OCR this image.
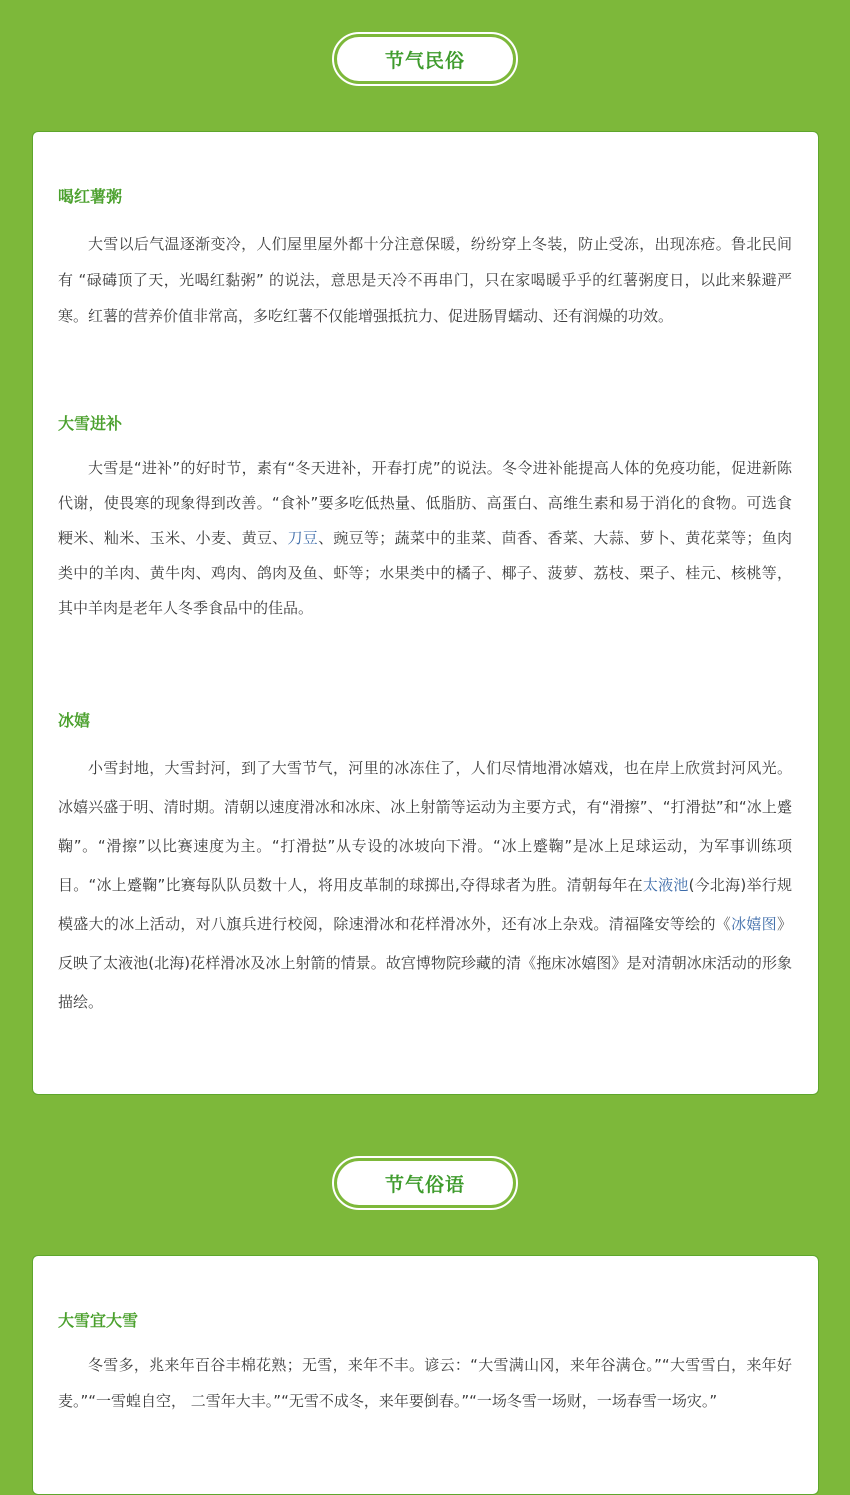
节气民俗
喝红薯粥

大雪以后气温逐渐变冷，人们屋里屋外都十分注意保暖，纷纷穿上冬装，防止受冻，出现冻疮。鲁北民间有 “碌碡顶了天，光喝红黏粥” 的说法，意思是天冷不再串门，只在家喝暖乎乎的红薯粥度日，以此来躲避严寒。红薯的营养价值非常高，多吃红薯不仅能增强抵抗力、促进肠胃蠕动、还有润燥的功效。

大雪进补

大雪是“进补”的好时节，素有“冬天进补，开春打虎”的说法。冬令进补能提高人体的免疫功能，促进新陈代谢，使畏寒的现象得到改善。“食补”要多吃低热量、低脂肪、高蛋白、高维生素和易于消化的食物。可选食粳米、籼米、玉米、小麦、黄豆、刀豆、豌豆等；蔬菜中的韭菜、茴香、香菜、大蒜、萝卜、黄花菜等；鱼肉类中的羊肉、黄牛肉、鸡肉、鸽肉及鱼、虾等；水果类中的橘子、椰子、菠萝、荔枝、栗子、桂元、核桃等，其中羊肉是老年人冬季食品中的佳品。

冰嬉

小雪封地，大雪封河，到了大雪节气，河里的冰冻住了，人们尽情地滑冰嬉戏，也在岸上欣赏封河风光。冰嬉兴盛于明、清时期。清朝以速度滑冰和冰床、冰上射箭等运动为主要方式，有“滑擦”、“打滑挞”和“冰上蹙鞠”。“滑擦”以比赛速度为主。“打滑挞”从专设的冰坡向下滑。“冰上蹙鞠”是冰上足球运动，为军事训练项目。“冰上蹙鞠”比赛每队队员数十人，将用皮革制的球掷出,夺得球者为胜。清朝每年在太液池(今北海)举行规模盛大的冰上活动，对八旗兵进行校阅，除速滑冰和花样滑冰外，还有冰上杂戏。清福隆安等绘的《冰嬉图》反映了太液池(北海)花样滑冰及冰上射箭的情景。故宫博物院珍藏的清《拖床冰嬉图》是对清朝冰床活动的形象描绘。

节气俗语
大雪宜大雪

冬雪多，兆来年百谷丰棉花熟；无雪，来年不丰。谚云：“大雪满山冈，来年谷满仓。”“大雪雪白，来年好麦。”“一雪蝗自空， 二雪年大丰。”“无雪不成冬，来年要倒春。”“一场冬雪一场财，一场春雪一场灾。”
